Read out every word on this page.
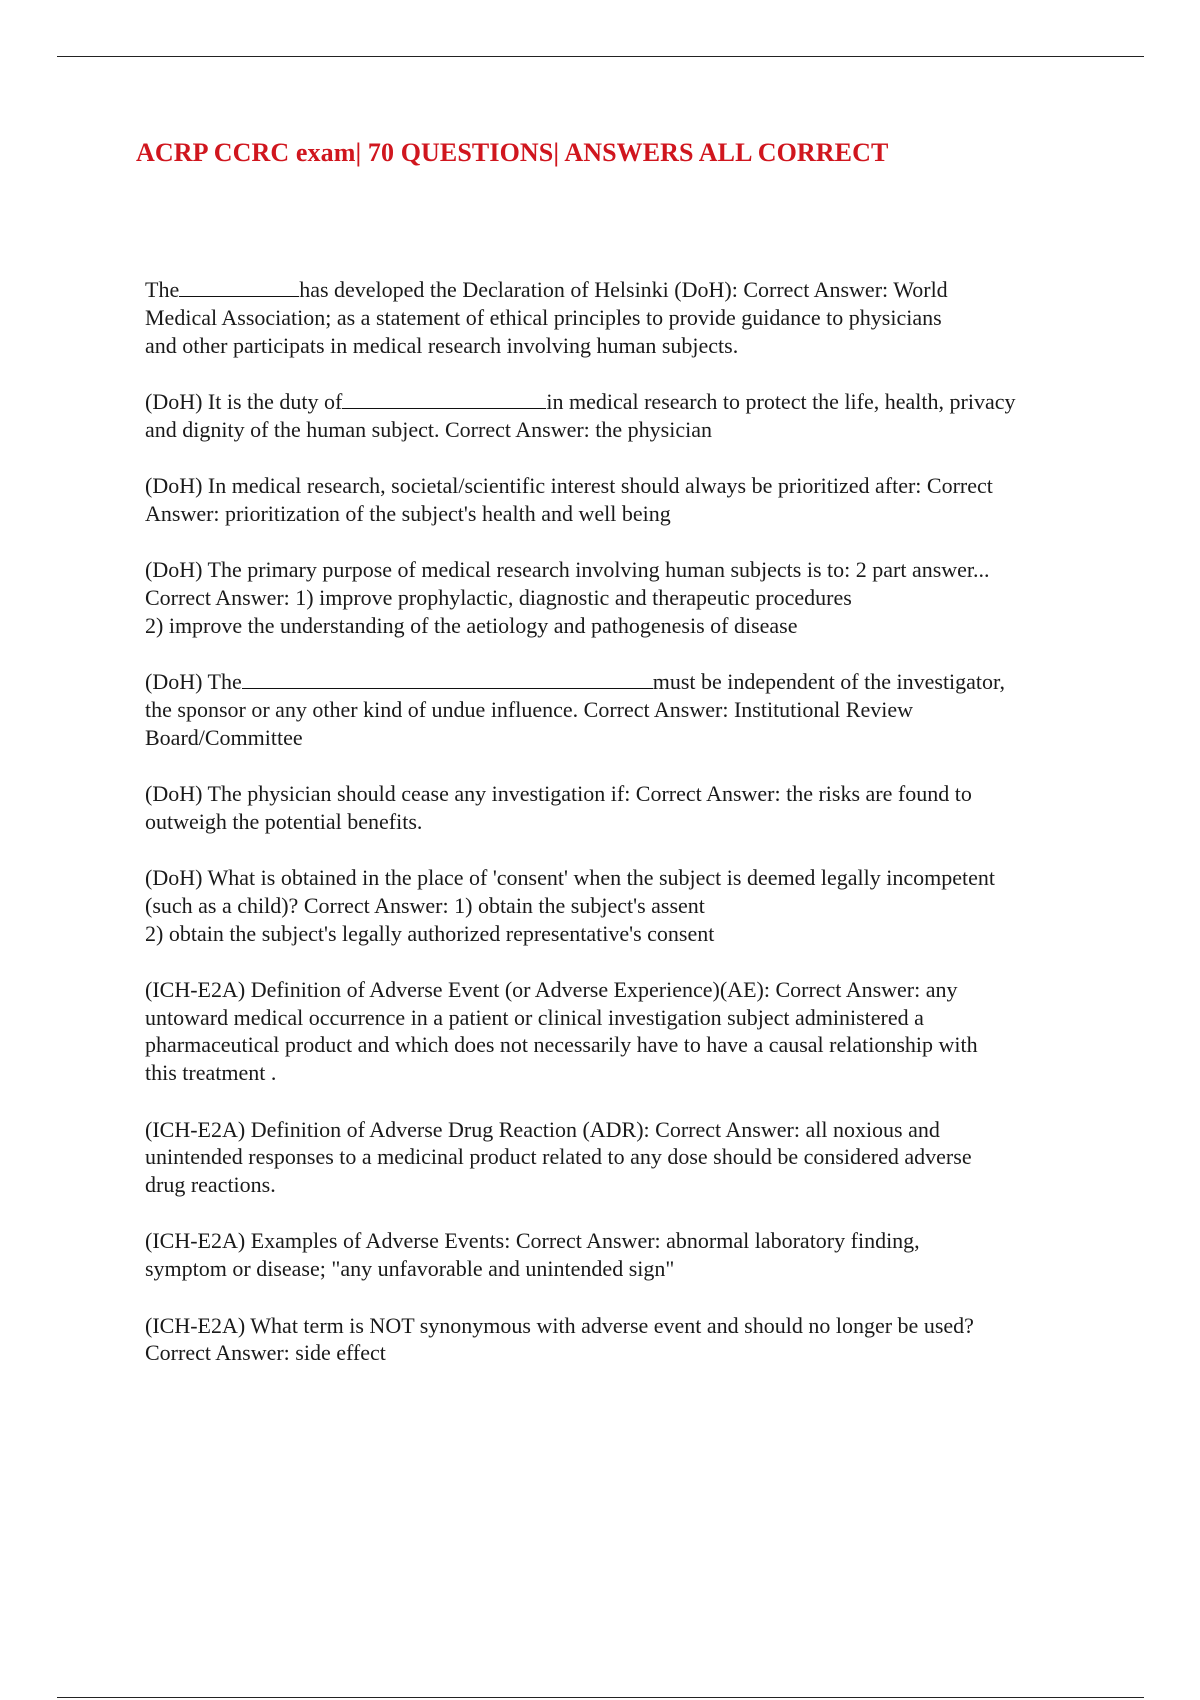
ACRP CCRC exam| 70 QUESTIONS| ANSWERS ALL CORRECT

The	has developed the Declaration of Helsinki (DoH): Correct Answer: World
Medical Association; as a statement of ethical principles to provide guidance to physicians
and other participats in medical research involving human subjects.

(DoH) It is the duty of	in medical research to protect the life, health, privacy
and dignity of the human subject. Correct Answer: the physician

(DoH) In medical research, societal/scientific interest should always be prioritized after: Correct
Answer: prioritization of the subject's health and well being

(DoH) The primary purpose of medical research involving human subjects is to: 2 part answer...
Correct Answer: 1) improve prophylactic, diagnostic and therapeutic procedures
2) improve the understanding of the aetiology and pathogenesis of disease

(DoH) The	must be independent of the investigator,
the sponsor or any other kind of undue influence. Correct Answer: Institutional Review
Board/Committee

(DoH) The physician should cease any investigation if: Correct Answer: the risks are found to
outweigh the potential benefits.

(DoH) What is obtained in the place of 'consent' when the subject is deemed legally incompetent
(such as a child)? Correct Answer: 1) obtain the subject's assent
2) obtain the subject's legally authorized representative's consent

(ICH-E2A) Definition of Adverse Event (or Adverse Experience)(AE): Correct Answer: any
untoward medical occurrence in a patient or clinical investigation subject administered a
pharmaceutical product and which does not necessarily have to have a causal relationship with
this treatment .

(ICH-E2A) Definition of Adverse Drug Reaction (ADR): Correct Answer: all noxious and
unintended responses to a medicinal product related to any dose should be considered adverse
drug reactions.

(ICH-E2A) Examples of Adverse Events: Correct Answer: abnormal laboratory finding,
symptom or disease; "any unfavorable and unintended sign"

(ICH-E2A) What term is NOT synonymous with adverse event and should no longer be used?
Correct Answer: side effect
